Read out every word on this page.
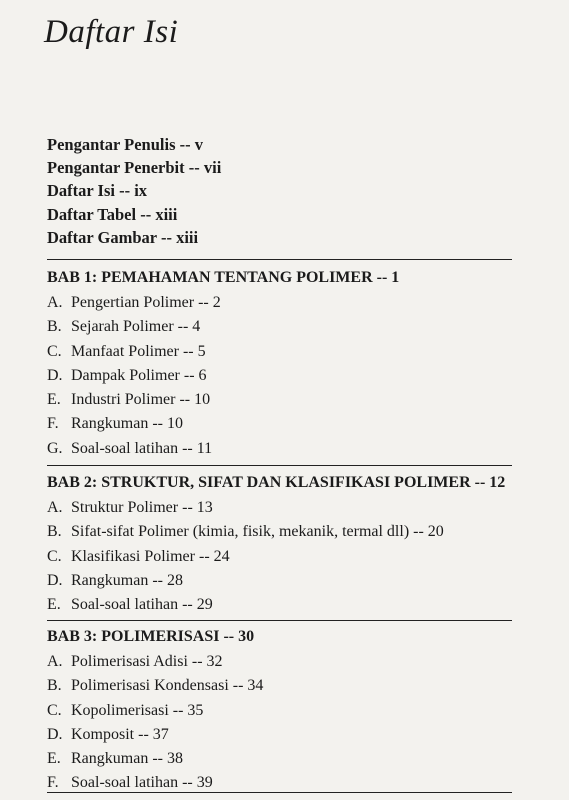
Daftar Isi
Pengantar Penulis -- v
Pengantar Penerbit -- vii
Daftar Isi -- ix
Daftar Tabel -- xiii
Daftar Gambar -- xiii
BAB 1: PEMAHAMAN TENTANG POLIMER -- 1
A. Pengertian Polimer -- 2
B. Sejarah Polimer -- 4
C. Manfaat Polimer -- 5
D. Dampak Polimer -- 6
E. Industri Polimer -- 10
F. Rangkuman -- 10
G. Soal-soal latihan -- 11
BAB 2: STRUKTUR, SIFAT DAN KLASIFIKASI POLIMER -- 12
A. Struktur Polimer -- 13
B. Sifat-sifat Polimer (kimia, fisik, mekanik, termal dll) -- 20
C. Klasifikasi Polimer -- 24
D. Rangkuman -- 28
E. Soal-soal latihan -- 29
BAB 3: POLIMERISASI -- 30
A. Polimerisasi Adisi -- 32
B. Polimerisasi Kondensasi -- 34
C. Kopolimerisasi -- 35
D. Komposit -- 37
E. Rangkuman -- 38
F. Soal-soal latihan -- 39
